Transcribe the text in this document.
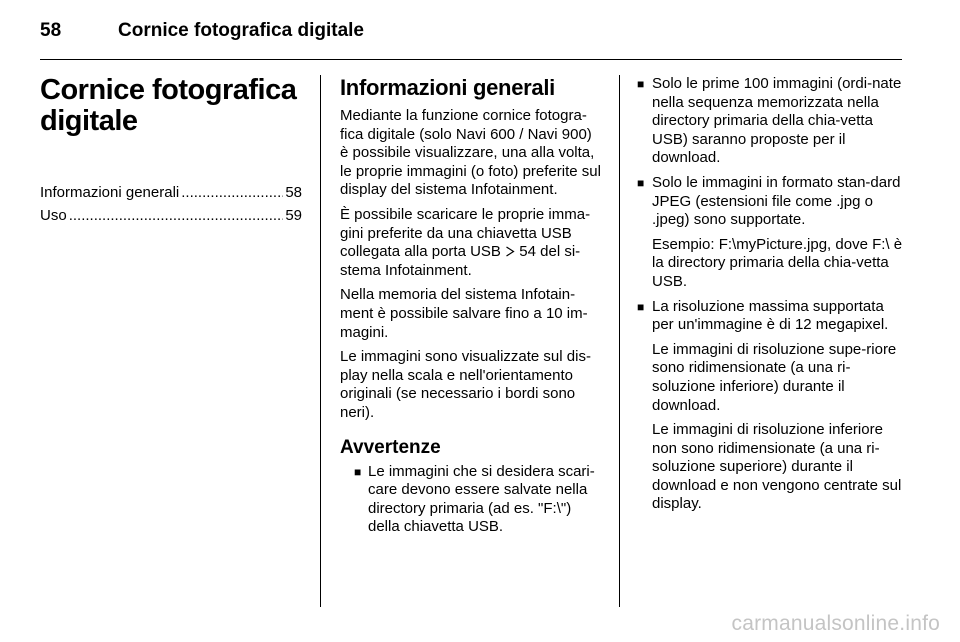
58	Cornice fotografica digitale
Cornice fotografica digitale
Informazioni generali .....	58
Uso .....	59
Informazioni generali

Mediante la funzione cornice fotogra-fica digitale (solo Navi 600 / Navi 900) è possibile visualizzare, una alla volta, le proprie immagini (o foto) preferite sul display del sistema Infotainment.

È possibile scaricare le proprie imma-gini preferite da una chiavetta USB collegata alla porta USB 54 del si-stema Infotainment.

Nella memoria del sistema Infotain-ment è possibile salvare fino a 10 im-magini.

Le immagini sono visualizzate sul dis-play nella scala e nell'orientamento originali (se necessario i bordi sono neri).

Avvertenze
■ Le immagini che si desidera scari-care devono essere salvate nella directory primaria (ad es. "F:\") della chiavetta USB.
■ Solo le prime 100 immagini (ordi-nate nella sequenza memorizzata nella directory primaria della chia-vetta USB) saranno proposte per il download.
■ Solo le immagini in formato stan-dard JPEG (estensioni file come .jpg o .jpeg) sono supportate.

Esempio: F:\myPicture.jpg, dove F:\ è la directory primaria della chia-vetta USB.

■ La risoluzione massima supportata per un'immagine è di 12 megapixel.

Le immagini di risoluzione supe-riore sono ridimensionate (a una ri-soluzione inferiore) durante il download.

Le immagini di risoluzione inferiore non sono ridimensionate (a una ri-soluzione superiore) durante il download e non vengono centrate sul display.

carmanualsonline.info
